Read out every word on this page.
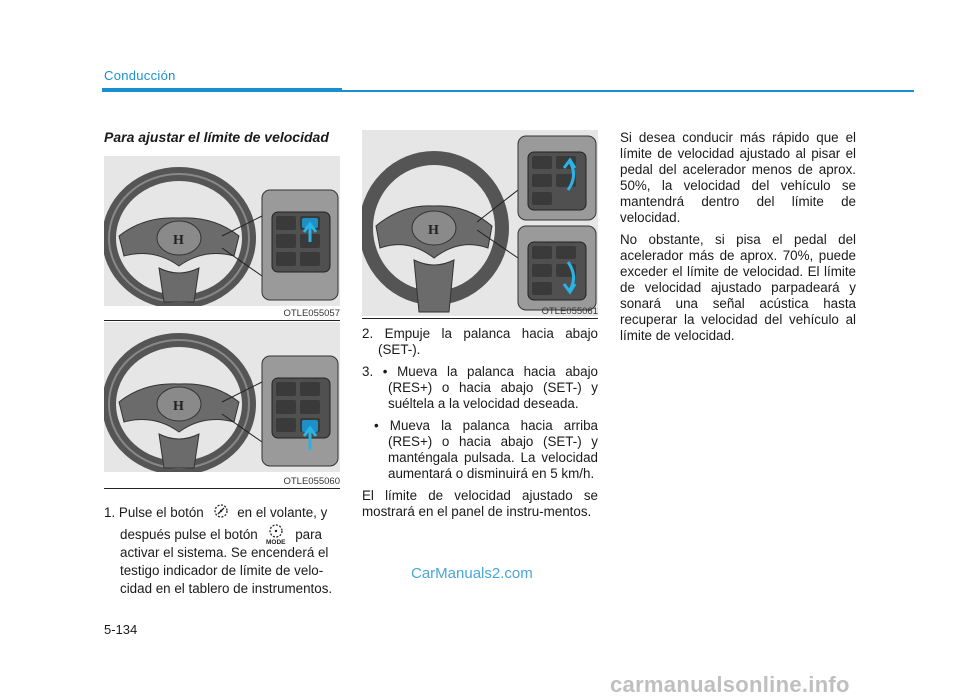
Conducción
Para ajustar el límite de velocidad
H
OTLE055057
H
OTLE055060
H
OTLE055061

1. Pulse el botón en el volante, y

después pulse el botón
MODE
para

activar el sistema. Se encenderá el

testigo indicador de límite de velo-

cidad en el tablero de instrumentos.

2. Empuje la palanca hacia abajo (SET-).

3. • Mueva la palanca hacia abajo (RES+) o hacia abajo (SET-) y suéltela a la velocidad deseada.

• Mueva la palanca hacia arriba (RES+) o hacia abajo (SET-) y manténgala pulsada. La velocidad aumentará o disminuirá en 5 km/h.

El límite de velocidad ajustado se mostrará en el panel de instru-mentos.

Si desea conducir más rápido que el límite de velocidad ajustado al pisar el pedal del acelerador menos de aprox. 50%, la velocidad del vehículo se mantendrá dentro del límite de velocidad.

No obstante, si pisa el pedal del acelerador más de aprox. 70%, puede exceder el límite de velocidad. El límite de velocidad ajustado parpadeará y sonará una señal acústica hasta recuperar la velocidad del vehículo al límite de velocidad.

CarManuals2.com
5-134
carmanualsonline.info
